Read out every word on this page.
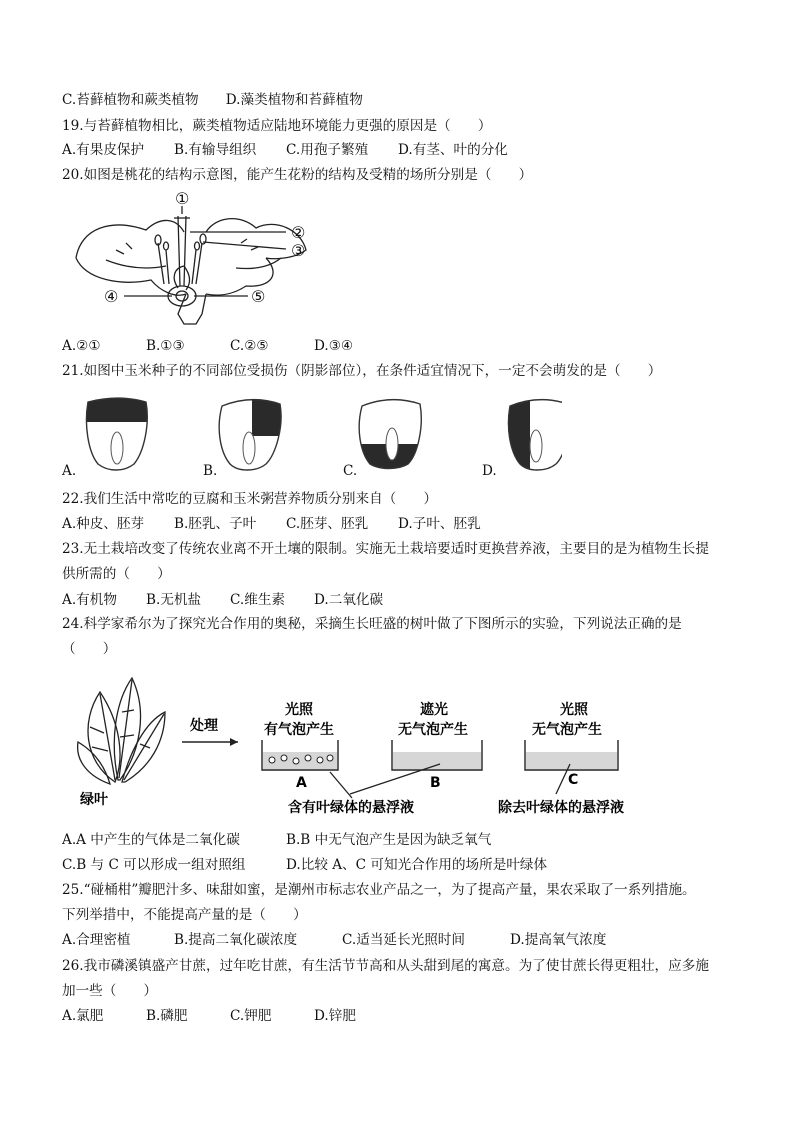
C.苔藓植物和蕨类植物　　D.藻类植物和苔藓植物
19.与苔藓植物相比，蕨类植物适应陆地环境能力更强的原因是（　　）
A.有果皮保护 B.有输导组织 C.用孢子繁殖 D.有茎、叶的分化
20.如图是桃花的结构示意图，能产生花粉的结构及受精的场所分别是（　　）
①
②
③
④	⑤
A.②①	B.①③	C.②⑤	D.③④
21.如图中玉米种子的不同部位受损伤（阴影部位），在条件适宜情况下，一定不会萌发的是（　　）
A.	B.	C.	D.
22.我们生活中常吃的豆腐和玉米粥营养物质分别来自（　　）
A.种皮、胚芽 B.胚乳、子叶 C.胚芽、胚乳 D.子叶、胚乳
23.无土栽培改变了传统农业离不开土壤的限制。实施无土栽培要适时更换营养液，主要目的是为植物生长提
供所需的（　　）
A.有机物 B.无机盐 C.维生素 D.二氧化碳
24.科学家希尔为了探究光合作用的奥秘，采摘生长旺盛的树叶做了下图所示的实验，下列说法正确的是
（　　）
绿叶
处理
光照
有气泡产生
A
遮光
无气泡产生
B
光照
无气泡产生
C
含有叶绿体的悬浮液	除去叶绿体的悬浮液
A.A 中产生的气体是二氧化碳	B.B 中无气泡产生是因为缺乏氧气
C.B 与 C 可以形成一组对照组	D.比较 A、C 可知光合作用的场所是叶绿体
25.“碰桶柑”瓣肥汁多、味甜如蜜，是潮州市标志农业产品之一，为了提高产量，果农采取了一系列措施。
下列举措中，不能提高产量的是（　　）
A.合理密植	B.提高二氧化碳浓度	C.适当延长光照时间	D.提高氧气浓度
26.我市磷溪镇盛产甘蔗，过年吃甘蔗，有生活节节高和从头甜到尾的寓意。为了使甘蔗长得更粗壮，应多施
加一些（　　）
A.氯肥	B.磷肥	C.钾肥	D.锌肥
